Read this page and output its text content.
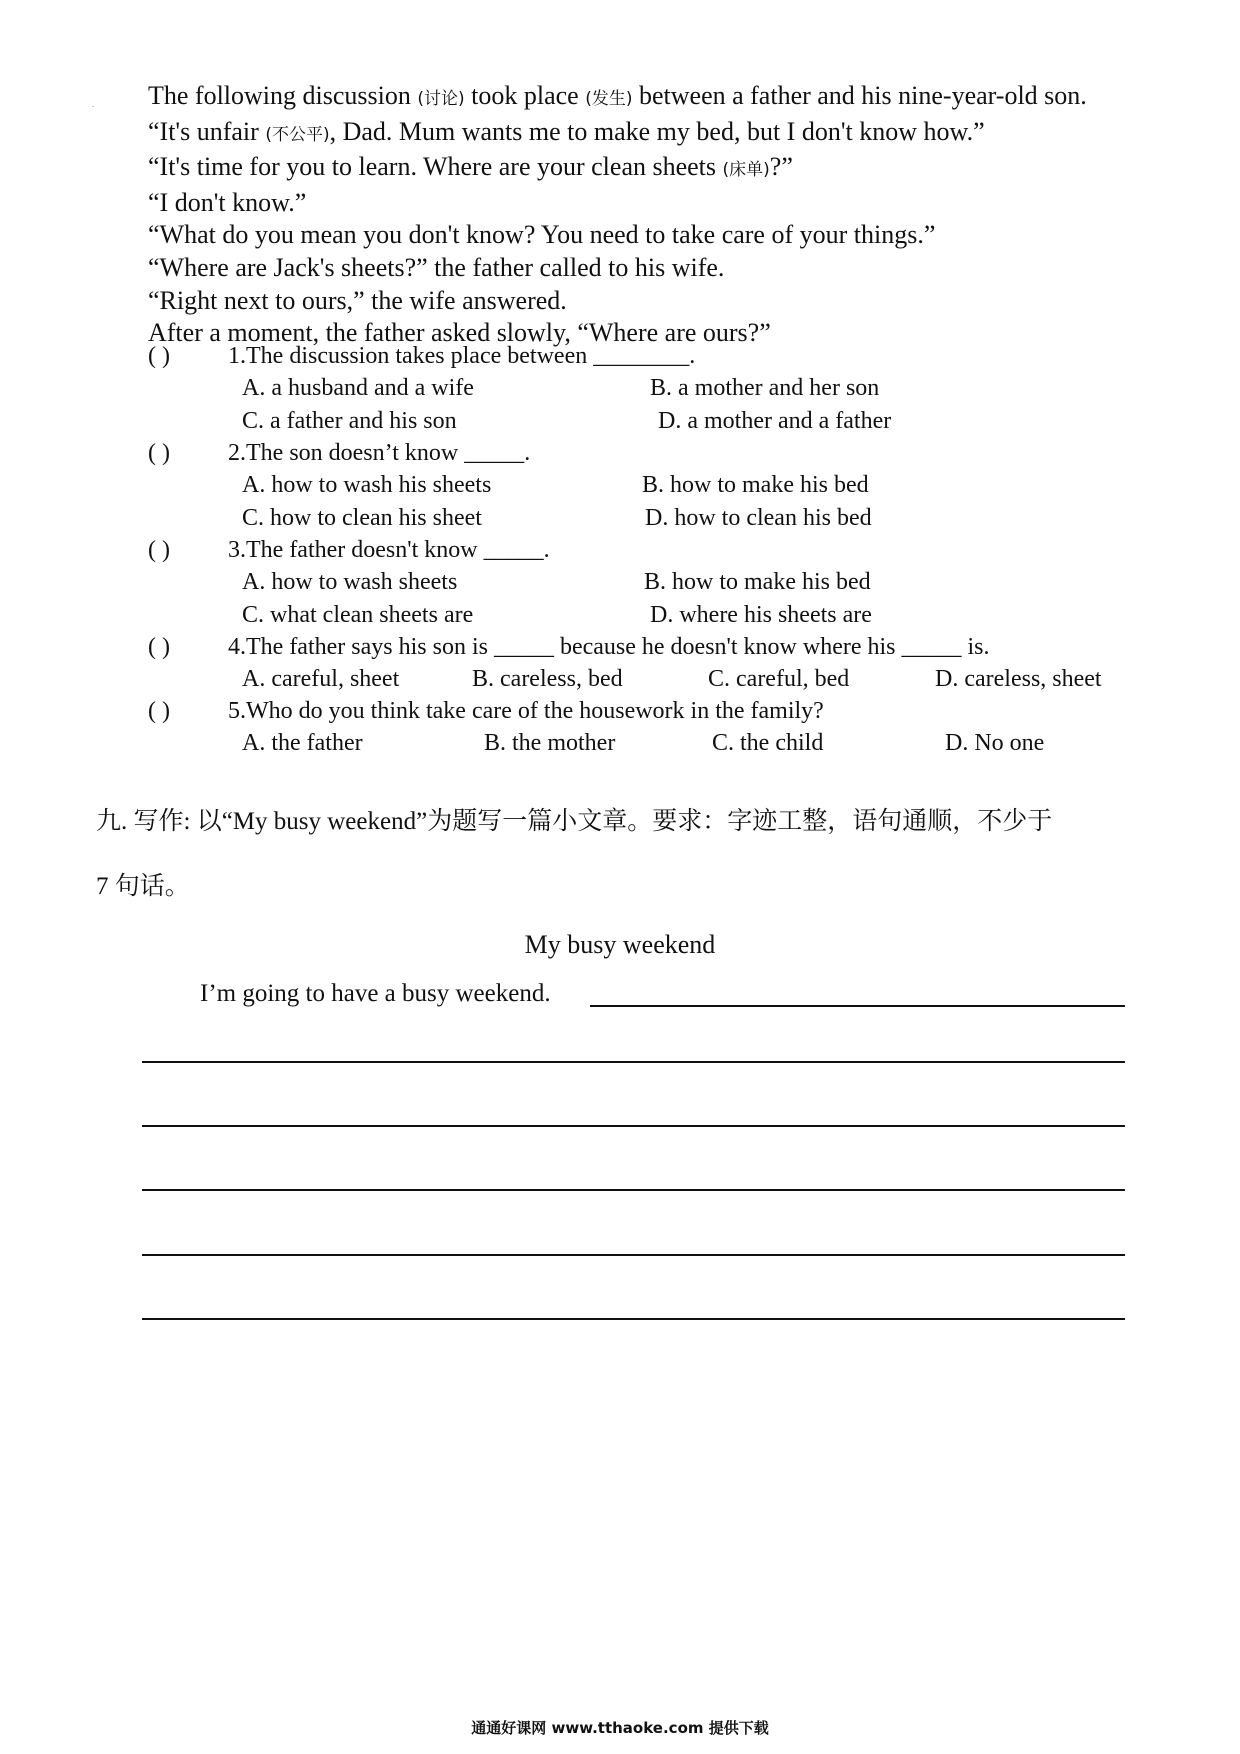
. The following discussion (讨论) took place (发生) between a father and his nine-year-old son.

“It's unfair (不公平), Dad. Mum wants me to make my bed, but I don't know how.”

“It's time for you to learn. Where are your clean sheets (床单)?”

“I don't know.”

“What do you mean you don't know? You need to take care of your things.”

“Where are Jack's sheets?” the father called to his wife.

“Right next to ours,” the wife answered.

After a moment, the father asked slowly, “Where are ours?”

( ) 1.The discussion takes place between ________.
A. a husband and a wife	B. a mother and her son
C. a father and his son	D. a mother and a father
( ) 2.The son doesn’t know _____.
A. how to wash his sheets	B. how to make his bed
C. how to clean his sheet	D. how to clean his bed
( ) 3.The father doesn't know _____.
A. how to wash sheets	B. how to make his bed
C. what clean sheets are	D. where his sheets are
( ) 4.The father says his son is _____ because he doesn't know where his _____ is.
A. careful, sheet	B. careless, bed	C. careful, bed	D. careless, sheet
( ) 5.Who do you think take care of the housework in the family?
A. the father	B. the mother	C. the child	D. No one
九. 写作: 以“My busy weekend”为题写一篇小文章。要求：字迹工整，语句通顺，不少于
7 句话。
My busy weekend
I’m going to have a busy weekend.
通通好课网 www.tthaoke.com 提供下载
